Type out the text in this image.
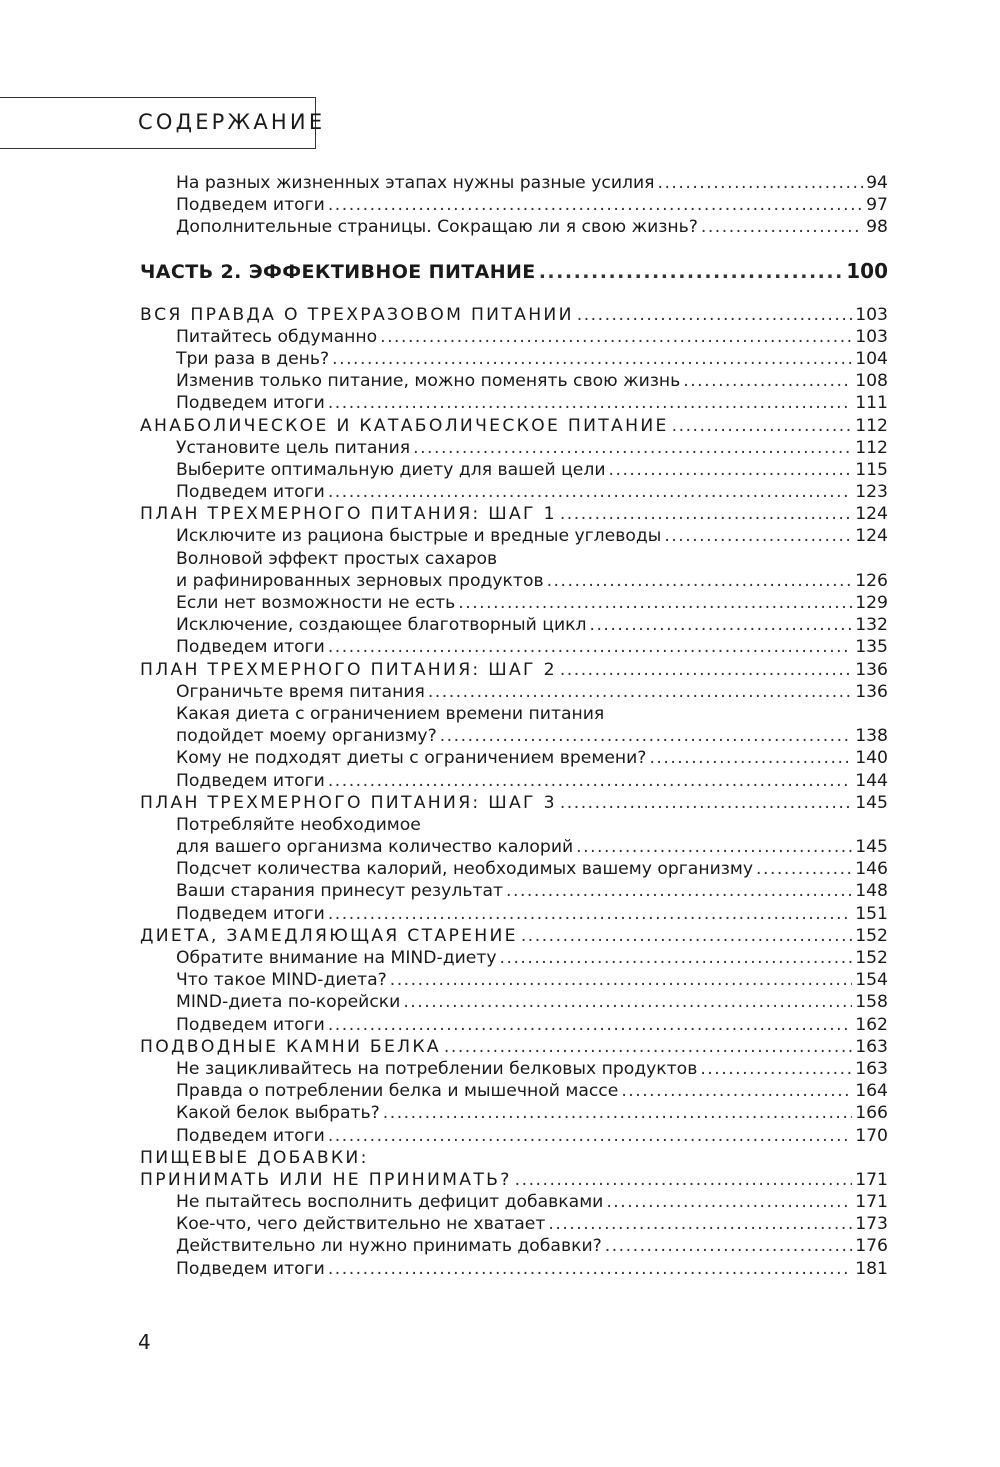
СОДЕРЖАНИЕ
На разных жизненных этапах нужны разные усилия .....	94
Подведем итоги .....	97
Дополнительные страницы. Сокращаю ли я свою жизнь? .....	98
ЧАСТЬ 2. ЭФФЕКТИВНОЕ ПИТАНИЕ .....	100
ВСЯ ПРАВДА О ТРЕХРАЗОВОМ ПИТАНИИ .....	103
Питайтесь обдуманно .....	103
Три раза в день? .....	104
Изменив только питание, можно поменять свою жизнь .....	108
Подведем итоги .....	111
АНАБОЛИЧЕСКОЕ И КАТАБОЛИЧЕСКОЕ ПИТАНИЕ .....	112
Установите цель питания .....	112
Выберите оптимальную диету для вашей цели .....	115
Подведем итоги .....	123
ПЛАН ТРЕХМЕРНОГО ПИТАНИЯ: ШАГ 1 .....	124
Исключите из рациона быстрые и вредные углеводы .....	124
Волновой эффект простых сахаров
и рафинированных зерновых продуктов .....	126
Если нет возможности не есть .....	129
Исключение, создающее благотворный цикл .....	132
Подведем итоги .....	135
ПЛАН ТРЕХМЕРНОГО ПИТАНИЯ: ШАГ 2 .....	136
Ограничьте время питания .....	136
Какая диета с ограничением времени питания
подойдет моему организму? .....	138
Кому не подходят диеты с ограничением времени? .....	140
Подведем итоги .....	144
ПЛАН ТРЕХМЕРНОГО ПИТАНИЯ: ШАГ 3 .....	145
Потребляйте необходимое
для вашего организма количество калорий .....	145
Подсчет количества калорий, необходимых вашему организму .....	146
Ваши старания принесут результат .....	148
Подведем итоги .....	151
ДИЕТА, ЗАМЕДЛЯЮЩАЯ СТАРЕНИЕ .....	152
Обратите внимание на MIND-диету .....	152
Что такое MIND-диета? .....	154
MIND-диета по-корейски .....	158
Подведем итоги .....	162
ПОДВОДНЫЕ КАМНИ БЕЛКА .....	163
Не зацикливайтесь на потреблении белковых продуктов .....	163
Правда о потреблении белка и мышечной массе .....	164
Какой белок выбрать? .....	166
Подведем итоги .....	170
ПИЩЕВЫЕ ДОБАВКИ:
ПРИНИМАТЬ ИЛИ НЕ ПРИНИМАТЬ? .....	171
Не пытайтесь восполнить дефицит добавками .....	171
Кое-что, чего действительно не хватает .....	173
Действительно ли нужно принимать добавки? .....	176
Подведем итоги .....	181
4
